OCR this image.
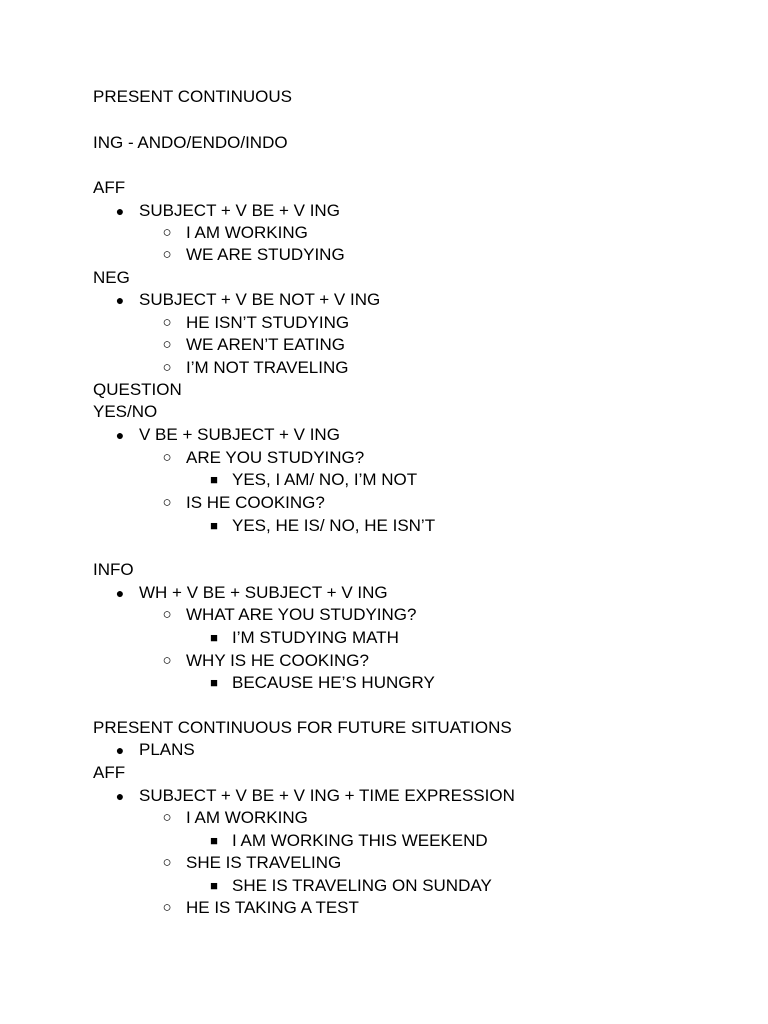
PRESENT CONTINUOUS
ING - ANDO/ENDO/INDO
AFF
● SUBJECT + V BE + V ING
○ I AM WORKING
○ WE ARE STUDYING
NEG
● SUBJECT + V BE NOT + V ING
○ HE ISN’T STUDYING
○ WE AREN’T EATING
○ I’M NOT TRAVELING
QUESTION
YES/NO
● V BE + SUBJECT + V ING
○ ARE YOU STUDYING?
■ YES, I AM/ NO, I’M NOT
○ IS HE COOKING?
■ YES, HE IS/ NO, HE ISN’T
INFO
● WH + V BE + SUBJECT + V ING
○ WHAT ARE YOU STUDYING?
■ I’M STUDYING MATH
○ WHY IS HE COOKING?
■ BECAUSE HE’S HUNGRY
PRESENT CONTINUOUS FOR FUTURE SITUATIONS
● PLANS
AFF
● SUBJECT + V BE + V ING + TIME EXPRESSION
○ I AM WORKING
■ I AM WORKING THIS WEEKEND
○ SHE IS TRAVELING
■ SHE IS TRAVELING ON SUNDAY
○ HE IS TAKING A TEST
